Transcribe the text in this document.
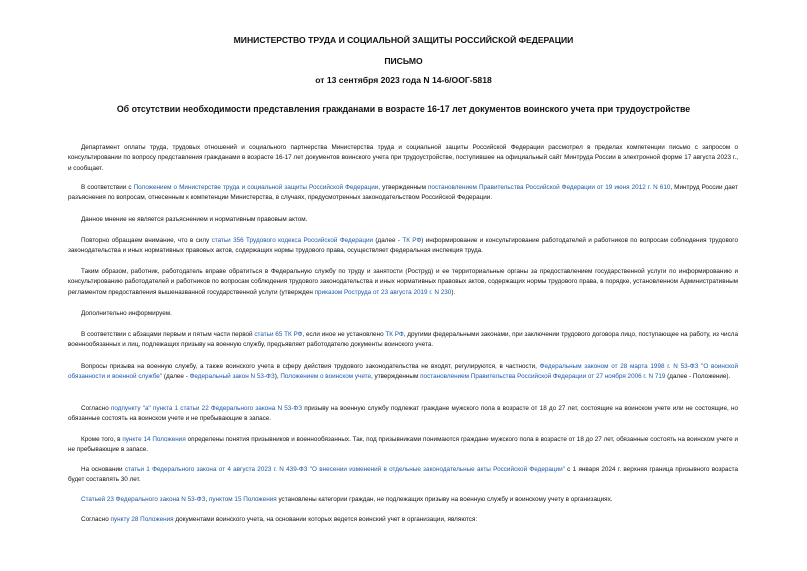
МИНИСТЕРСТВО ТРУДА И СОЦИАЛЬНОЙ ЗАЩИТЫ РОССИЙСКОЙ ФЕДЕРАЦИИ
ПИСЬМО
от 13 сентября 2023 года N 14-6/ООГ-5818
Об отсутствии необходимости представления гражданами в возрасте 16-17 лет документов воинского учета при трудоустройстве

Департамент оплаты труда, трудовых отношений и социального партнерства Министерства труда и социальной защиты Российской Федерации рассмотрел в пределах компетенции письмо с запросом о консультировании по вопросу представления гражданами в возрасте 16-17 лет документов воинского учета при трудоустройстве, поступившее на официальный сайт Минтруда России в электронной форме 17 августа 2023 г., и сообщает.

В соответствии с Положением о Министерстве труда и социальной защиты Российской Федерации, утвержденным постановлением Правительства Российской Федерации от 19 июня 2012 г. N 610, Минтруд России дает разъяснения по вопросам, отнесенным к компетенции Министерства, в случаях, предусмотренных законодательством Российской Федерации.

Данное мнение не является разъяснением и нормативным правовым актом.

Повторно обращаем внимание, что в силу статьи 356 Трудового кодекса Российской Федерации (далее - ТК РФ) информирование и консультирование работодателей и работников по вопросам соблюдения трудового законодательства и иных нормативных правовых актов, содержащих нормы трудового права, осуществляет федеральная инспекция труда.

Таким образом, работник, работодатель вправе обратиться в Федеральную службу по труду и занятости (Роструд) и ее территориальные органы за предоставлением государственной услуги по информированию и консультированию работодателей и работников по вопросам соблюдения трудового законодательства и иных нормативных правовых актов, содержащих нормы трудового права, в порядке, установленном Административным регламентом предоставления вышеназванной государственной услуги (утвержден приказом Роструда от 23 августа 2019 г. N 230).

Дополнительно информируем.

В соответствии с абзацами первым и пятым части первой статьи 65 ТК РФ, если иное не установлено ТК РФ, другими федеральными законами, при заключении трудового договора лицо, поступающее на работу, из числа военнообязанных и лиц, подлежащих призыву на военную службу, предъявляет работодателю документы воинского учета.

Вопросы призыва на военную службу, а также воинского учета в сферу действия трудового законодательства не входят, регулируются, в частности, Федеральным законом от 28 марта 1998 г. N 53-ФЗ "О воинской обязанности и военной службе" (далее - Федеральный закон N 53-ФЗ), Положением о воинском учете, утвержденным постановлением Правительства Российской Федерации от 27 ноября 2006 г. N 719 (далее - Положение).

Согласно подпункту "а" пункта 1 статьи 22 Федерального закона N 53-ФЗ призыву на военную службу подлежат граждане мужского пола в возрасте от 18 до 27 лет, состоящие на воинском учете или не состоящие, но обязанные состоять на воинском учете и не пребывающие в запасе.

Кроме того, в пункте 14 Положения определены понятия призывников и военнообязанных. Так, под призывниками понимаются граждане мужского пола в возрасте от 18 до 27 лет, обязанные состоять на воинском учете и не пребывающие в запасе.

На основании статьи 1 Федерального закона от 4 августа 2023 г. N 439-ФЗ "О внесении изменений в отдельные законодательные акты Российской Федерации" с 1 января 2024 г. верхняя граница призывного возраста будет составлять 30 лет.

Статьей 23 Федерального закона N 53-ФЗ, пунктом 15 Положения установлены категории граждан, не подлежащих призыву на военную службу и воинскому учету в организациях.

Согласно пункту 28 Положения документами воинского учета, на основании которых ведется воинский учет в организации, являются:
